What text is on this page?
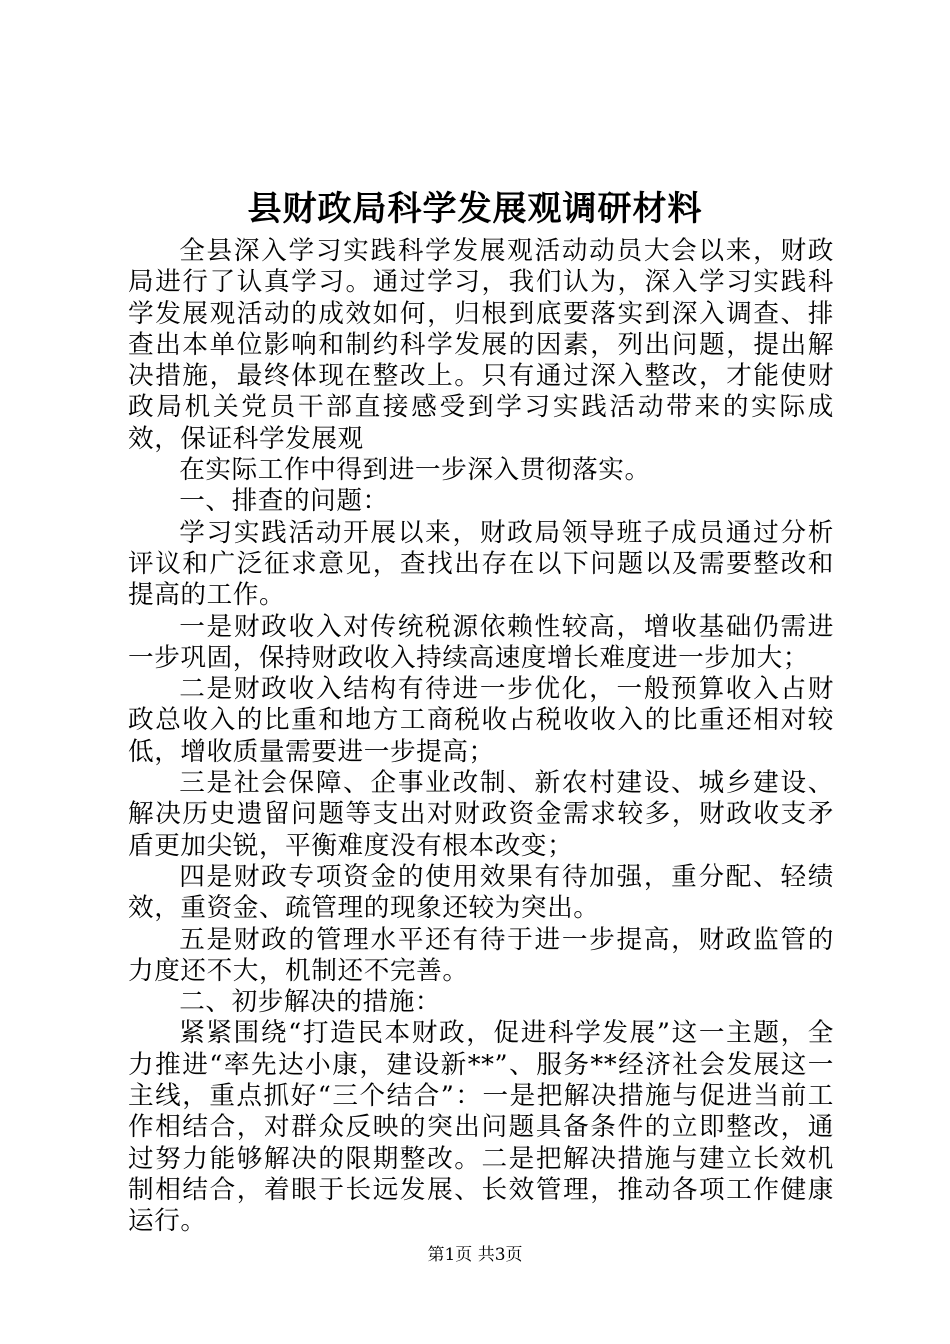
县财政局科学发展观调研材料

全县深入学习实践科学发展观活动动员大会以来，财政局进行了认真学习。通过学习，我们认为，深入学习实践科学发展观活动的成效如何，归根到底要落实到深入调查、排查出本单位影响和制约科学发展的因素，列出问题，提出解决措施，最终体现在整改上。只有通过深入整改，才能使财政局机关党员干部直接感受到学习实践活动带来的实际成效，保证科学发展观

在实际工作中得到进一步深入贯彻落实。

一、排查的问题：

学习实践活动开展以来，财政局领导班子成员通过分析评议和广泛征求意见，查找出存在以下问题以及需要整改和提高的工作。

一是财政收入对传统税源依赖性较高，增收基础仍需进一步巩固，保持财政收入持续高速度增长难度进一步加大；

二是财政收入结构有待进一步优化，一般预算收入占财政总收入的比重和地方工商税收占税收收入的比重还相对较低，增收质量需要进一步提高；

三是社会保障、企事业改制、新农村建设、城乡建设、解决历史遗留问题等支出对财政资金需求较多，财政收支矛盾更加尖锐，平衡难度没有根本改变；

四是财政专项资金的使用效果有待加强，重分配、轻绩效，重资金、疏管理的现象还较为突出。

五是财政的管理水平还有待于进一步提高，财政监管的力度还不大，机制还不完善。

二、初步解决的措施：

紧紧围绕“打造民本财政，促进科学发展”这一主题，全力推进“率先达小康，建设新**”、服务**经济社会发展这一主线，重点抓好“三个结合”：一是把解决措施与促进当前工作相结合，对群众反映的突出问题具备条件的立即整改，通过努力能够解决的限期整改。二是把解决措施与建立长效机制相结合，着眼于长远发展、长效管理，推动各项工作健康运行。

第1页 共3页
